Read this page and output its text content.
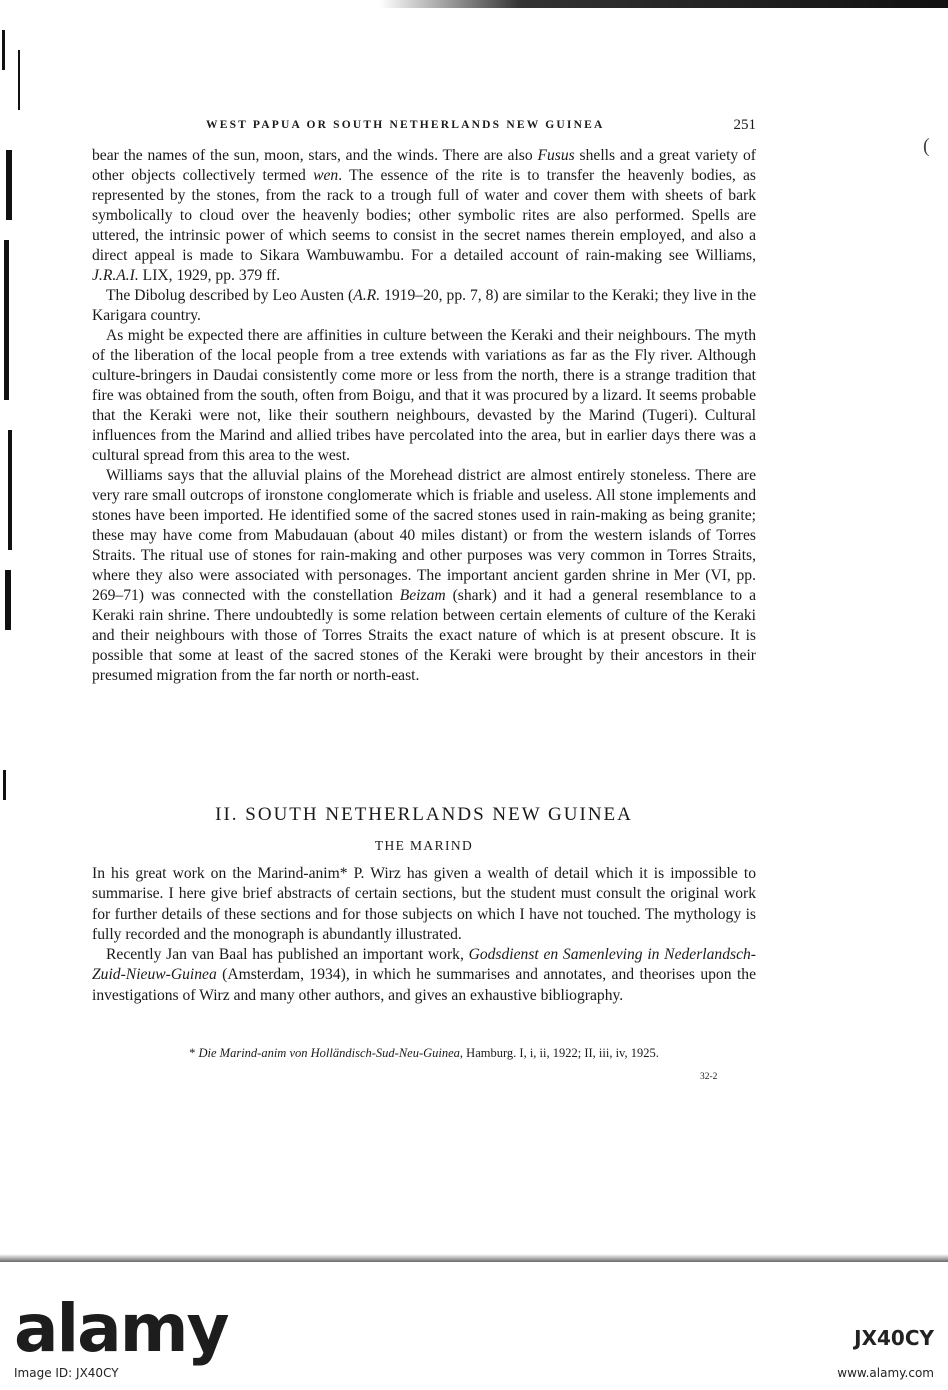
(
WEST PAPUA OR SOUTH NETHERLANDS NEW GUINEA	251

bear the names of the sun, moon, stars, and the winds. There are also Fusus shells and a great variety of other objects collectively termed wen. The essence of the rite is to transfer the heavenly bodies, as represented by the stones, from the rack to a trough full of water and cover them with sheets of bark symbolically to cloud over the heavenly bodies; other symbolic rites are also performed. Spells are uttered, the intrinsic power of which seems to consist in the secret names therein employed, and also a direct appeal is made to Sikara Wambuwambu. For a detailed account of rain-making see Williams, J.R.A.I. LIX, 1929, pp. 379 ff.

The Dibolug described by Leo Austen (A.R. 1919–20, pp. 7, 8) are similar to the Keraki; they live in the Karigara country.

As might be expected there are affinities in culture between the Keraki and their neighbours. The myth of the liberation of the local people from a tree extends with variations as far as the Fly river. Although culture-bringers in Daudai consistently come more or less from the north, there is a strange tradition that fire was obtained from the south, often from Boigu, and that it was procured by a lizard. It seems probable that the Keraki were not, like their southern neighbours, devasted by the Marind (Tugeri). Cultural influences from the Marind and allied tribes have percolated into the area, but in earlier days there was a cultural spread from this area to the west.

Williams says that the alluvial plains of the Morehead district are almost entirely stoneless. There are very rare small outcrops of ironstone conglomerate which is friable and useless. All stone implements and stones have been imported. He identified some of the sacred stones used in rain-making as being granite; these may have come from Mabudauan (about 40 miles distant) or from the western islands of Torres Straits. The ritual use of stones for rain-making and other purposes was very common in Torres Straits, where they also were associated with personages. The important ancient garden shrine in Mer (VI, pp. 269–71) was connected with the constellation Beizam (shark) and it had a general resemblance to a Keraki rain shrine. There undoubtedly is some relation between certain elements of culture of the Keraki and their neighbours with those of Torres Straits the exact nature of which is at present obscure. It is possible that some at least of the sacred stones of the Keraki were brought by their ancestors in their presumed migration from the far north or north-east.

II. SOUTH NETHERLANDS NEW GUINEA
THE MARIND

In his great work on the Marind-anim* P. Wirz has given a wealth of detail which it is impossible to summarise. I here give brief abstracts of certain sections, but the student must consult the original work for further details of these sections and for those subjects on which I have not touched. The mythology is fully recorded and the monograph is abundantly illustrated.

Recently Jan van Baal has published an important work, Godsdienst en Samenleving in Nederlandsch-Zuid-Nieuw-Guinea (Amsterdam, 1934), in which he summarises and annotates, and theorises upon the investigations of Wirz and many other authors, and gives an exhaustive bibliography.

* Die Marind-anim von Holländisch-Sud-Neu-Guinea, Hamburg. I, i, ii, 1922; II, iii, iv, 1925.
32-2
alamy	JX40CY
Image ID: JX40CY	www.alamy.com
